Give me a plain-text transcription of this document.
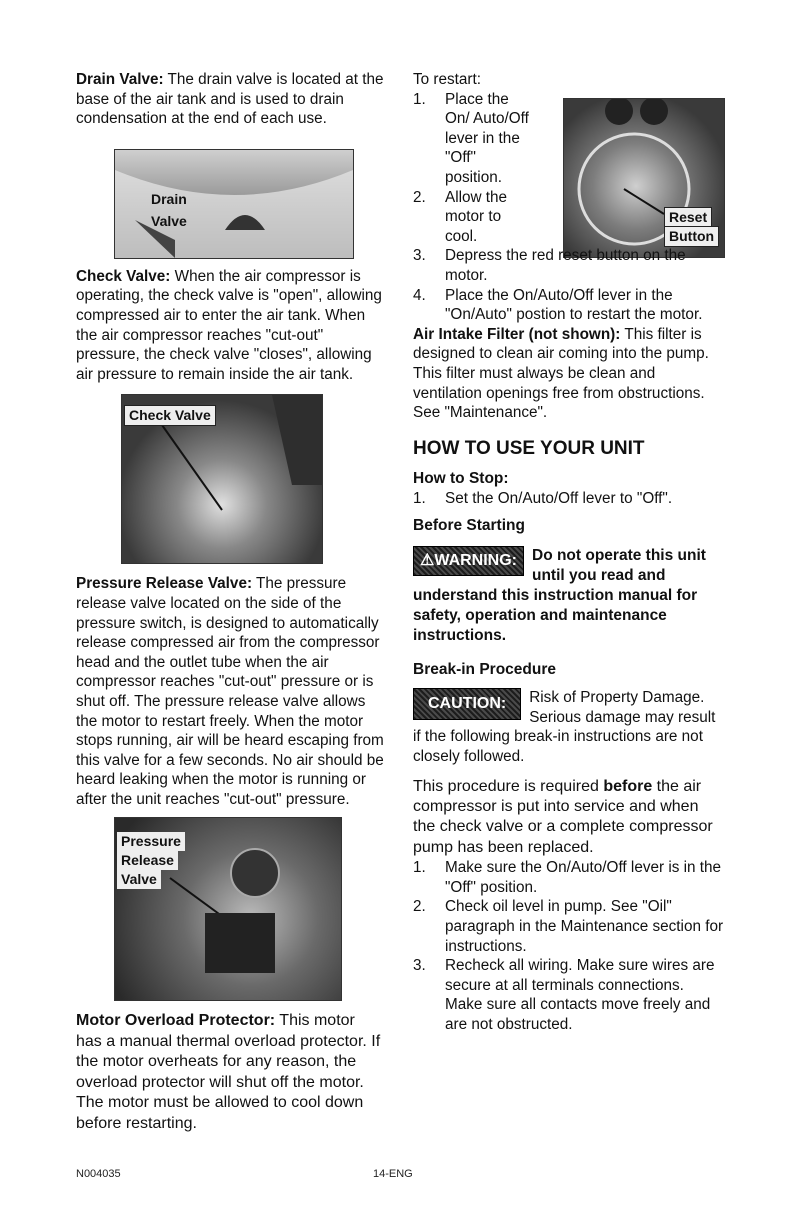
Drain Valve: The drain valve is located at the base of the air tank and is used to drain condensation at the end of each use.

Drain
Valve

Check Valve: When the air compressor is operating, the check valve is "open", allowing compressed air to enter the air tank. When the air compressor reaches "cut-out" pressure, the check valve "closes", allowing air pressure to remain inside the air tank.

Check Valve

Pressure Release Valve: The pressure release valve located on the side of the pressure switch, is designed to automatically release compressed air from the compressor head and the outlet tube when the air compressor reaches "cut-out" pressure or is shut off. The pressure release valve allows the motor to restart freely. When the motor stops running, air will be heard escaping from this valve for a few seconds. No air should be heard leaking when the motor is running or after the unit reaches "cut-out" pressure.

Pressure
Release
Valve

Motor Overload Protector: This motor has a manual thermal overload protector. If the motor overheats for any reason, the overload protector will shut off the motor. The motor must be allowed to cool down before restarting.

To restart:

Reset
Button
1. Place the On/ Auto/Off lever in the "Off" position.
2. Allow the motor to cool.
3. Depress the red reset button on the motor.
4. Place the On/Auto/Off lever in the "On/Auto" postion to restart the motor.

Air Intake Filter (not shown): This filter is designed to clean air coming into the pump. This filter must always be clean and ventilation openings free from obstructions. See "Maintenance".

HOW TO USE YOUR UNIT
How to Stop:
1. Set the On/Auto/Off lever to "Off".
Before Starting
⚠WARNING: Do not operate this unit until you read and understand this instruction manual for safety, operation and maintenance instructions.
Break-in Procedure
CAUTION:	Risk of Property Damage. Serious damage may result if the following break-in instructions are not closely followed.

This procedure is required before the air compressor is put into service and when the check valve or a complete compressor pump has been replaced.

1. Make sure the On/Auto/Off lever is in the "Off" position.
2. Check oil level in pump. See "Oil" paragraph in the Maintenance section for instructions.
3. Recheck all wiring. Make sure wires are secure at all terminals connections. Make sure all contacts move freely and are not obstructed.
N004035	14-ENG
